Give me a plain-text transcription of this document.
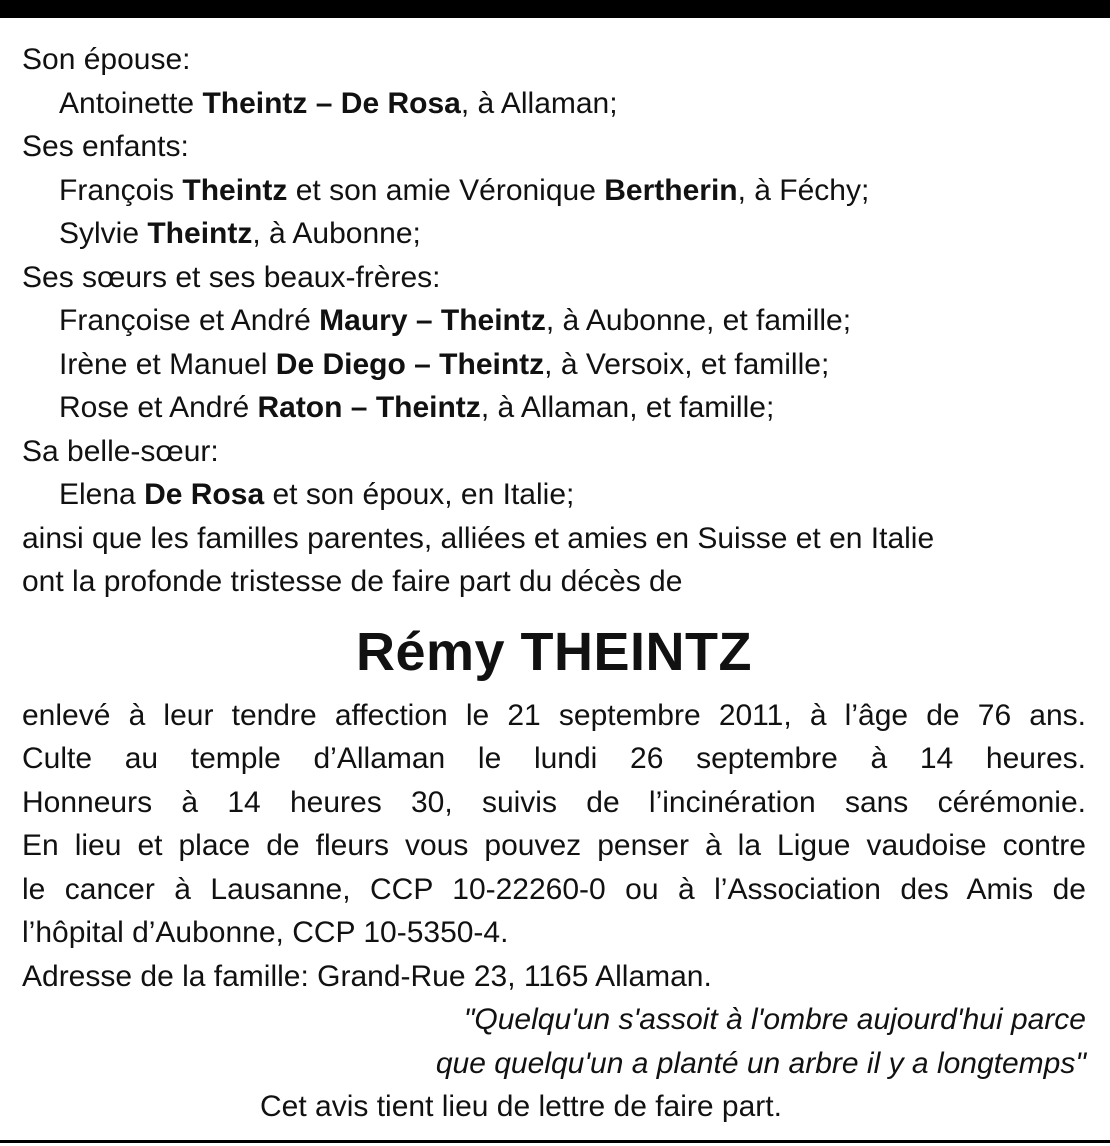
Son épouse:
Antoinette Theintz – De Rosa, à Allaman;
Ses enfants:
François Theintz et son amie Véronique Bertherin, à Féchy;
Sylvie Theintz, à Aubonne;
Ses sœurs et ses beaux-frères:
Françoise et André Maury – Theintz, à Aubonne, et famille;
Irène et Manuel De Diego – Theintz, à Versoix, et famille;
Rose et André Raton – Theintz, à Allaman, et famille;
Sa belle-sœur:
Elena De Rosa et son époux, en Italie;
ainsi que les familles parentes, alliées et amies en Suisse et en Italie
ont la profonde tristesse de faire part du décès de
Rémy THEINTZ
enlevé à leur tendre affection le 21 septembre 2011, à l’âge de 76 ans.
Culte au temple d’Allaman le lundi 26 septembre à 14 heures.
Honneurs à 14 heures 30, suivis de l’incinération sans cérémonie.
En lieu et place de fleurs vous pouvez penser à la Ligue vaudoise contre
le cancer à Lausanne, CCP 10-22260-0 ou à l’Association des Amis de
l’hôpital d’Aubonne, CCP 10-5350-4.
Adresse de la famille: Grand-Rue 23, 1165 Allaman.
"Quelqu'un s'assoit à l'ombre aujourd'hui parce
que quelqu'un a planté un arbre il y a longtemps"
Cet avis tient lieu de lettre de faire part.
